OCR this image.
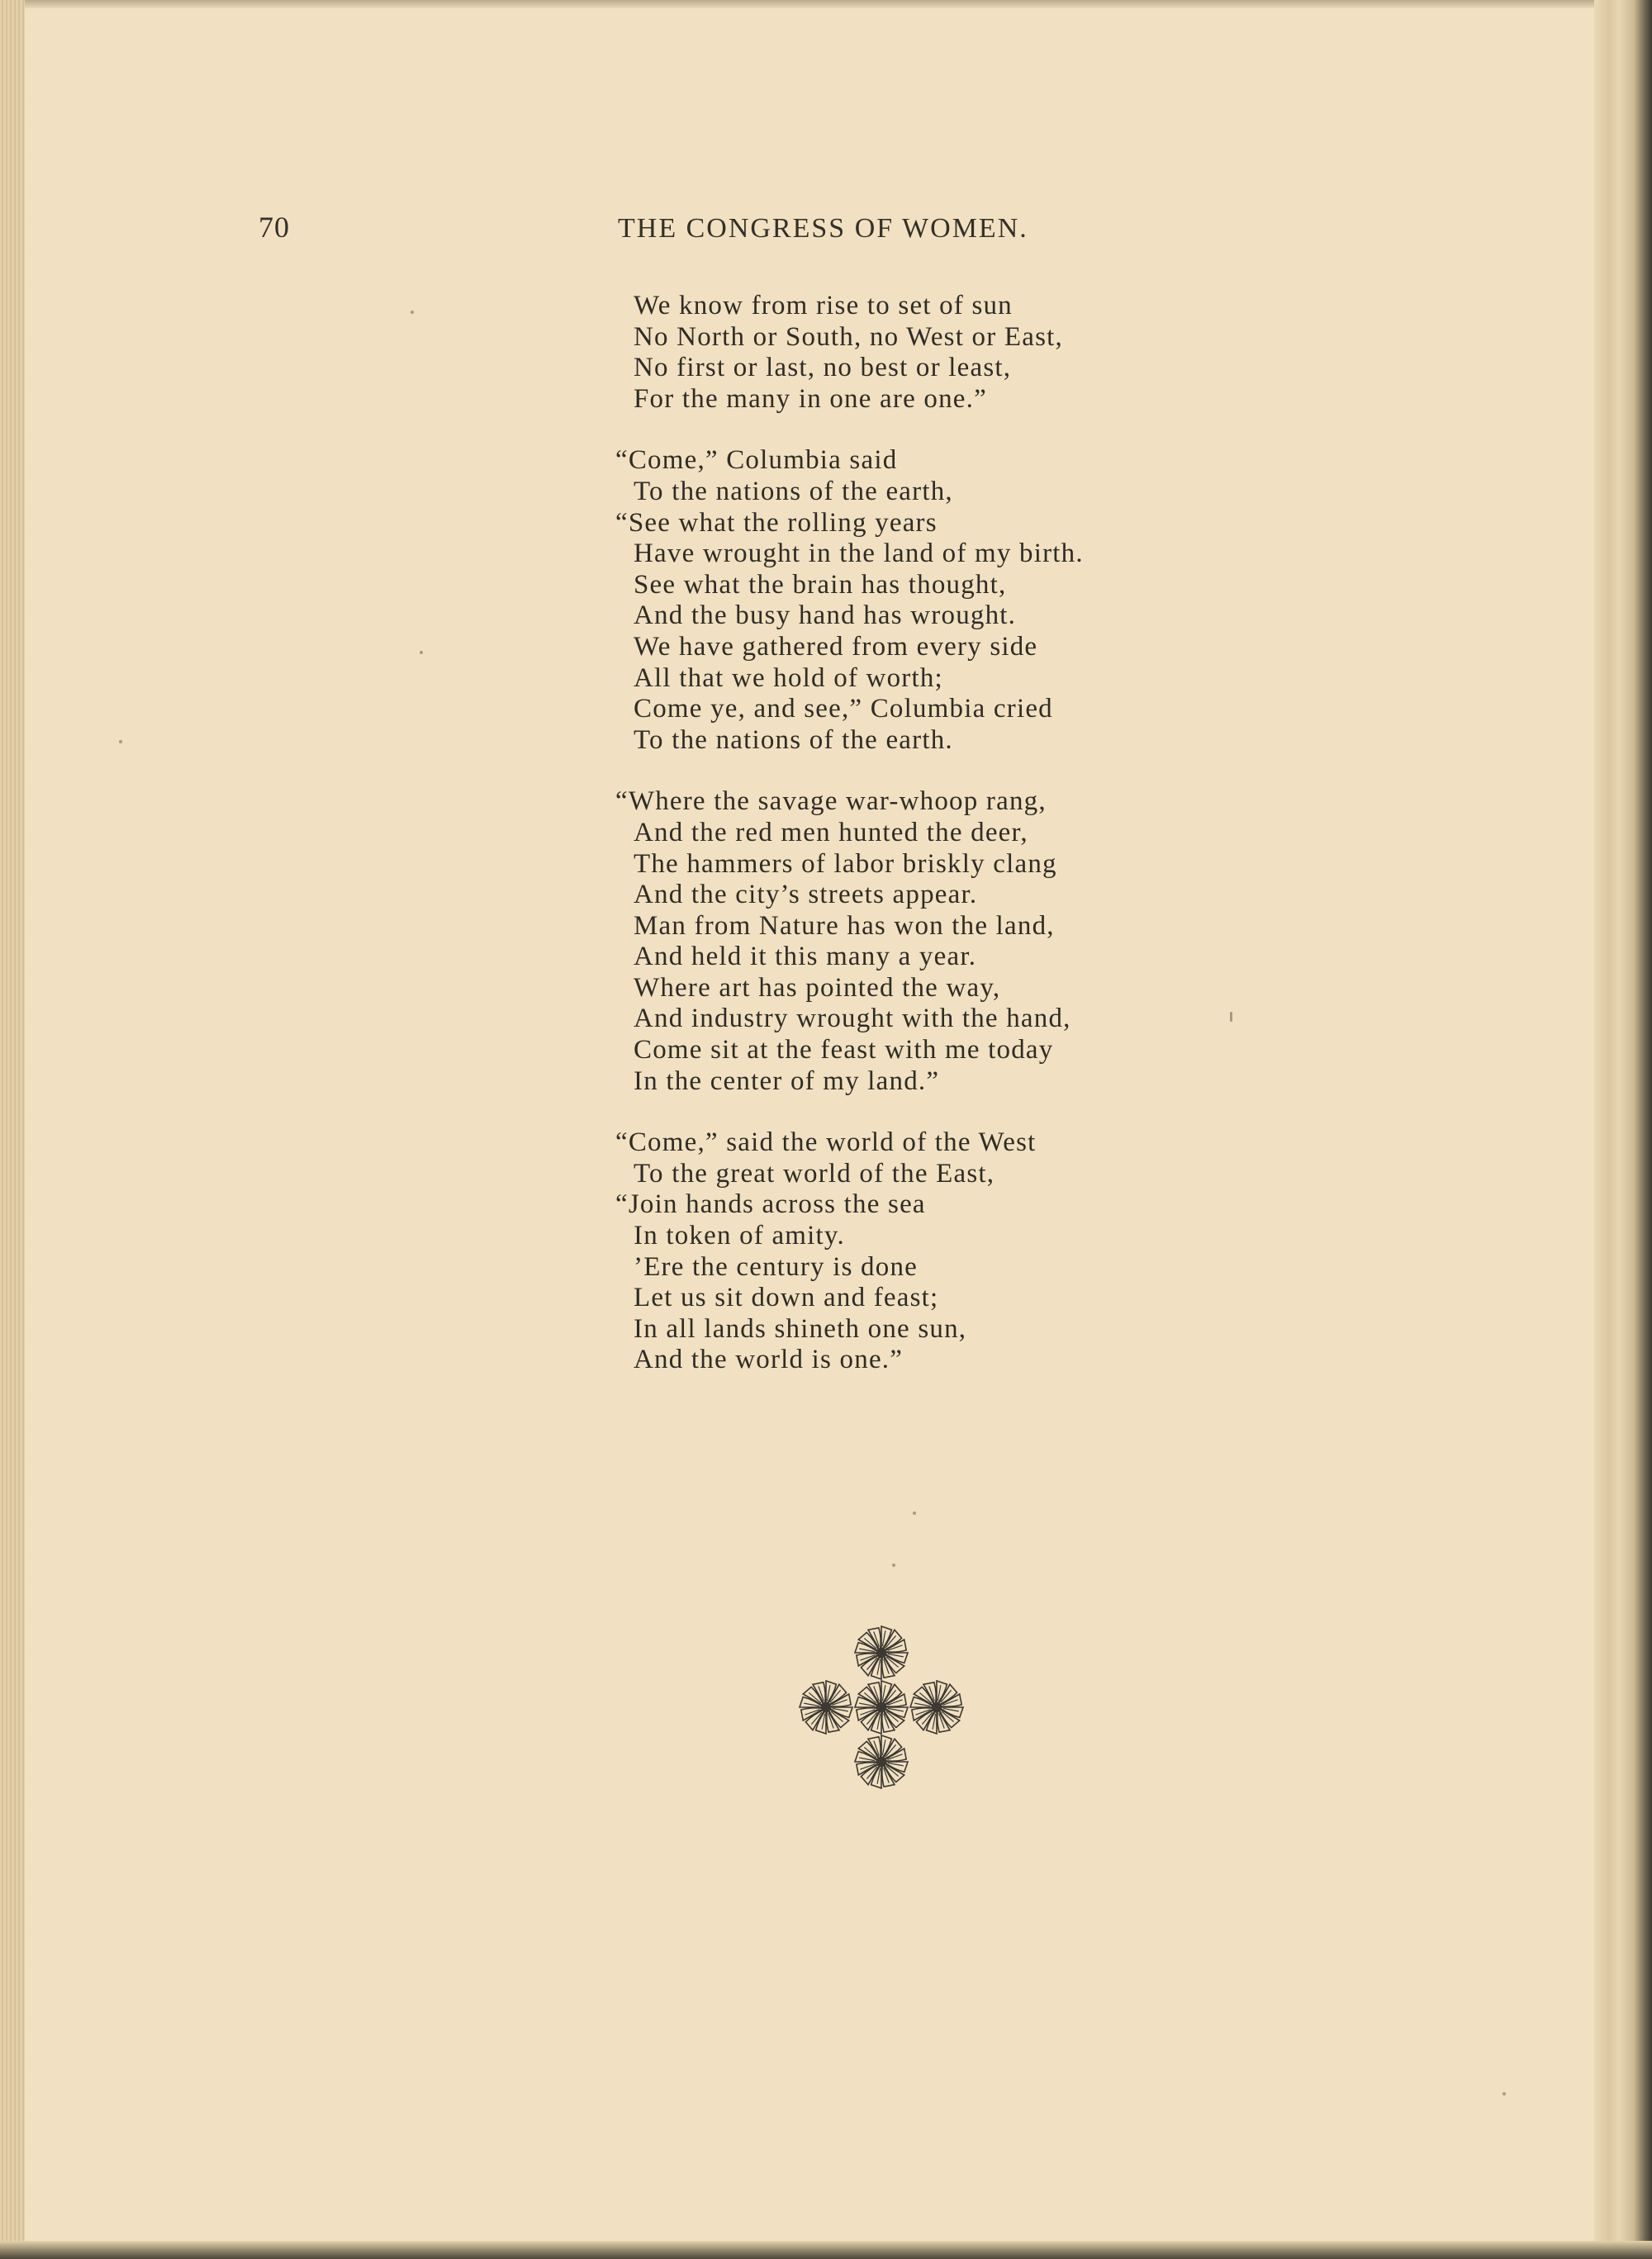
70	THE CONGRESS OF WOMEN.
We know from rise to set of sun
No North or South, no West or East,
No first or last, no best or least,
For the many in one are one.”
“Come,” Columbia said
To the nations of the earth,
“See what the rolling years
Have wrought in the land of my birth.
See what the brain has thought,
And the busy hand has wrought.
We have gathered from every side
All that we hold of worth;
Come ye, and see,” Columbia cried
To the nations of the earth.
“Where the savage war-whoop rang,
And the red men hunted the deer,
The hammers of labor briskly clang
And the city’s streets appear.
Man from Nature has won the land,
And held it this many a year.
Where art has pointed the way,
And industry wrought with the hand,
Come sit at the feast with me today
In the center of my land.”
“Come,” said the world of the West
To the great world of the East,
“Join hands across the sea
In token of amity.
’Ere the century is done
Let us sit down and feast;
In all lands shineth one sun,
And the world is one.”
